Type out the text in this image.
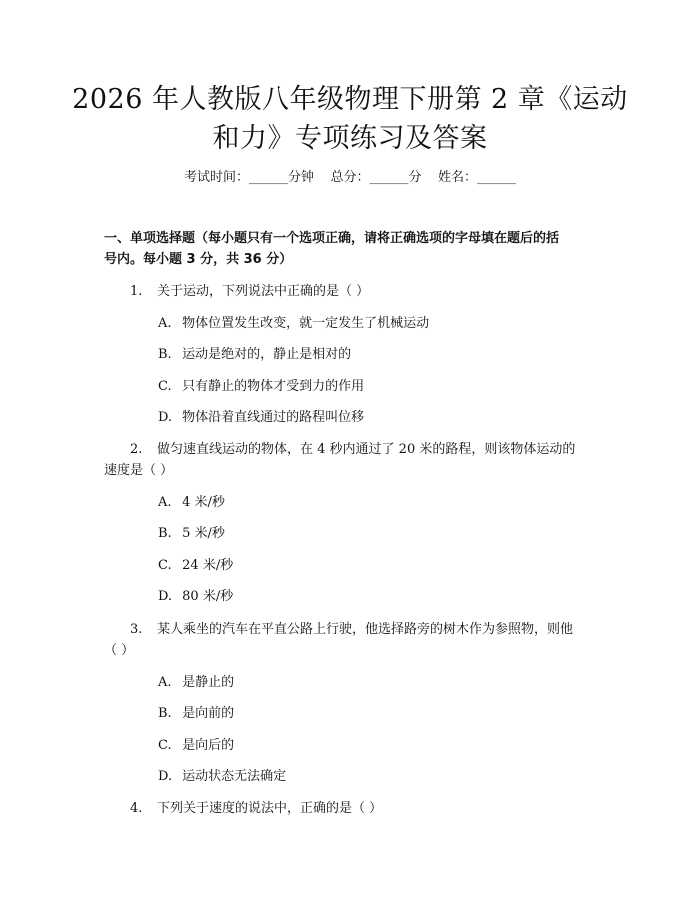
2026 年人教版八年级物理下册第 2 章《运动
和力》专项练习及答案
考试时间：______分钟    总分：______分    姓名：______
一、单项选择题（每小题只有一个选项正确，请将正确选项的字母填在题后的括
号内。每小题 3 分，共 36 分）
1. 关于运动，下列说法中正确的是（ ）
A. 物体位置发生改变，就一定发生了机械运动
B. 运动是绝对的，静止是相对的
C. 只有静止的物体才受到力的作用
D. 物体沿着直线通过的路程叫位移
2. 做匀速直线运动的物体，在 4 秒内通过了 20 米的路程，则该物体运动的
速度是（ ）
A. 4 米/秒
B. 5 米/秒
C. 24 米/秒
D. 80 米/秒
3. 某人乘坐的汽车在平直公路上行驶，他选择路旁的树木作为参照物，则他
（ ）
A. 是静止的
B. 是向前的
C. 是向后的
D. 运动状态无法确定
4. 下列关于速度的说法中，正确的是（ ）
